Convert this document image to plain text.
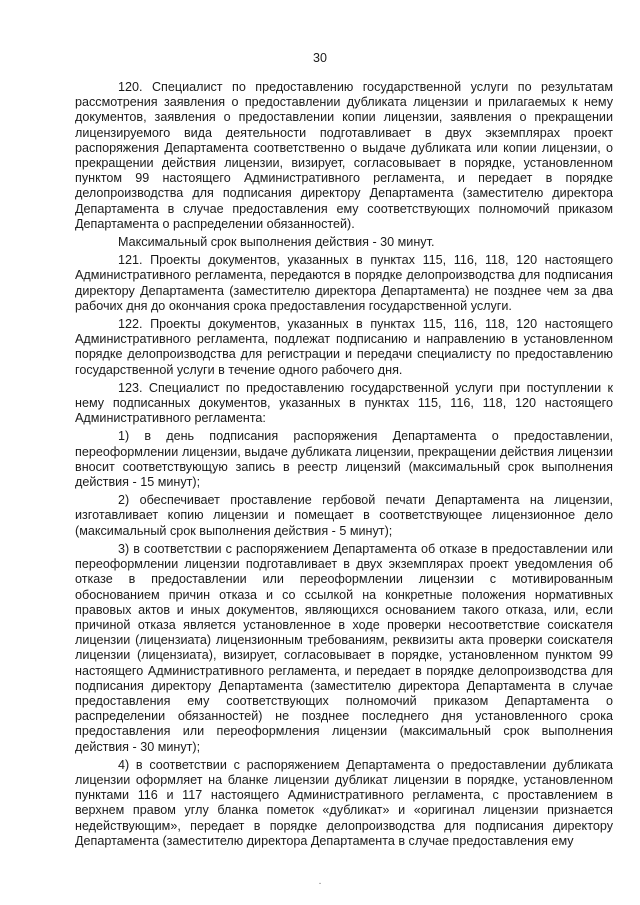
30

120. Специалист по предоставлению государственной услуги по результатам рассмотрения заявления о предоставлении дубликата лицензии и прилагаемых к нему документов, заявления о предоставлении копии лицензии, заявления о прекращении лицензируемого вида деятельности подготавливает в двух экземплярах проект распоряжения Департамента соответственно о выдаче дубликата или копии лицензии, о прекращении действия лицензии, визирует, согласовывает в порядке, установленном пунктом 99 настоящего Административного регламента, и передает в порядке делопроизводства для подписания директору Департамента (заместителю директора Департамента в случае предоставления ему соответствующих полномочий приказом Департамента о распределении обязанностей).

Максимальный срок выполнения действия - 30 минут.

121. Проекты документов, указанных в пунктах 115, 116, 118, 120 настоящего Административного регламента, передаются в порядке делопроизводства для подписания директору Департамента (заместителю директора Департамента) не позднее чем за два рабочих дня до окончания срока предоставления государственной услуги.

122. Проекты документов, указанных в пунктах 115, 116, 118, 120 настоящего Административного регламента, подлежат подписанию и направлению в установленном порядке делопроизводства для регистрации и передачи специалисту по предоставлению государственной услуги в течение одного рабочего дня.

123. Специалист по предоставлению государственной услуги при поступлении к нему подписанных документов, указанных в пунктах 115, 116, 118, 120 настоящего Административного регламента:

1) в день подписания распоряжения Департамента о предоставлении, переоформлении лицензии, выдаче дубликата лицензии, прекращении действия лицензии вносит соответствующую запись в реестр лицензий (максимальный срок выполнения действия - 15 минут);

2) обеспечивает проставление гербовой печати Департамента на лицензии, изготавливает копию лицензии и помещает в соответствующее лицензионное дело (максимальный срок выполнения действия - 5 минут);

3) в соответствии с распоряжением Департамента об отказе в предоставлении или переоформлении лицензии подготавливает в двух экземплярах проект уведомления об отказе в предоставлении или переоформлении лицензии с мотивированным обоснованием причин отказа и со ссылкой на конкретные положения нормативных правовых актов и иных документов, являющихся основанием такого отказа, или, если причиной отказа является установленное в ходе проверки несоответствие соискателя лицензии (лицензиата) лицензионным требованиям, реквизиты акта проверки соискателя лицензии (лицензиата), визирует, согласовывает в порядке, установленном пунктом 99 настоящего Административного регламента, и передает в порядке делопроизводства для подписания директору Департамента (заместителю директора Департамента в случае предоставления ему соответствующих полномочий приказом Департамента о распределении обязанностей) не позднее последнего дня установленного срока предоставления или переоформления лицензии (максимальный срок выполнения действия - 30 минут);

4) в соответствии с распоряжением Департамента о предоставлении дубликата лицензии оформляет на бланке лицензии дубликат лицензии в порядке, установленном пунктами 116 и 117 настоящего Административного регламента, с проставлением в верхнем правом углу бланка пометок «дубликат» и «оригинал лицензии признается недействующим», передает в порядке делопроизводства для подписания директору Департамента (заместителю директора Департамента в случае предоставления ему

.
